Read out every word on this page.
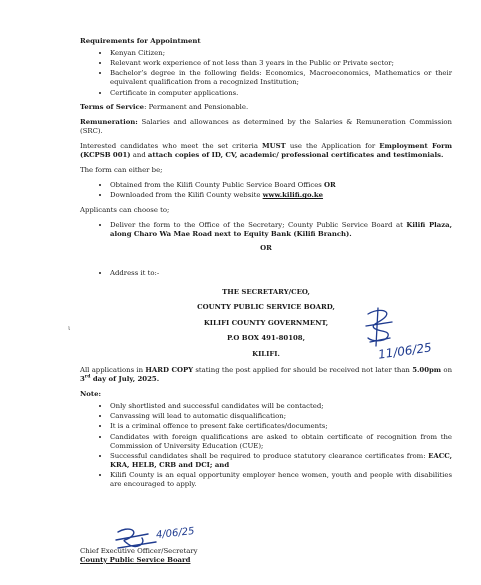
Requirements for Appointment
• Kenyan Citizen;
• Relevant work experience of not less than 3 years in the Public or Private sector;
• Bachelor’s degree in the following fields: Economics, Macroeconomics, Mathematics or their equivalent qualification from a recognized Institution;
• Certificate in computer applications.

Terms of Service: Permanent and Pensionable.

Remuneration: Salaries and allowances as determined by the Salaries & Remuneration Commission (SRC).

Interested candidates who meet the set criteria MUST use the Application for Employment Form (KCPSB 001) and attach copies of ID, CV, academic/ professional certificates and testimonials.

The form can either be;

• Obtained from the Kilifi County Public Service Board Offices OR
• Downloaded from the Kilifi County website www.kilifi.go.ke

Applicants can choose to;

• Deliver the form to the Office of the Secretary; County Public Service Board at Kilifi Plaza, along Charo Wa Mae Road next to Equity Bank (Kilifi Branch).

OR

• Address it to:-

THE SECRETARY/CEO,

COUNTY PUBLIC SERVICE BOARD,

KILIFI COUNTY GOVERNMENT,

P.O BOX 491-80108,

KILIFI.

All applications in HARD COPY stating the post applied for should be received not later than 5.00pm on 3rd day of July, 2025.

Note:
• Only shortlisted and successful candidates will be contacted;
• Canvassing will lead to automatic disqualification;
• It is a criminal offence to present fake certificates/documents;
• Candidates with foreign qualifications are asked to obtain certificate of recognition from the Commission of University Education (CUE);
• Successful candidates shall be required to produce statutory clearance certificates from: EACC, KRA, HELB, CRB and DCI; and
• Kilifi County is an equal opportunity employer hence women, youth and people with disabilities are encouraged to apply.
ι
11/06/25
4/06/25
Chief Executive Officer/Secretary
County Public Service Board
